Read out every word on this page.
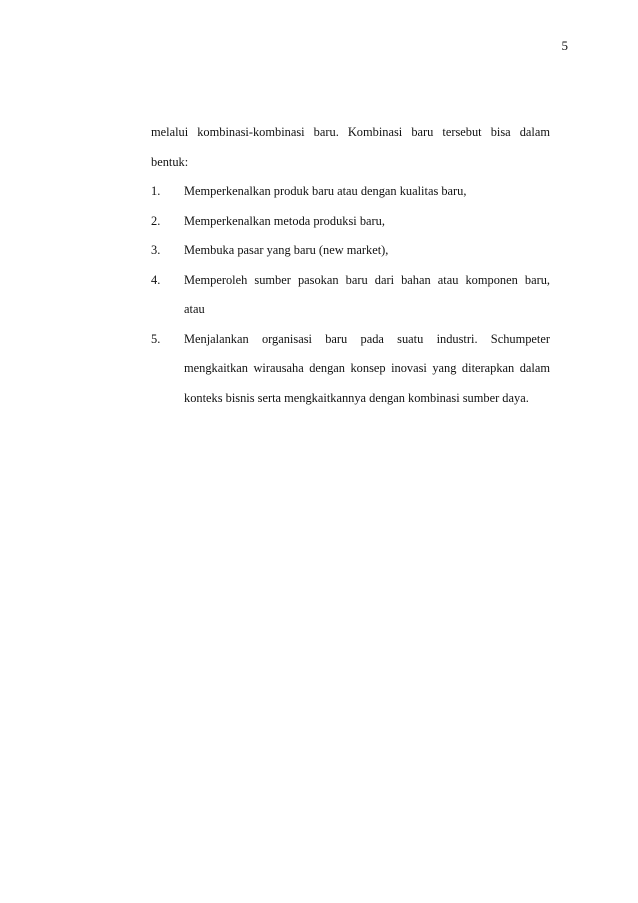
5
melalui kombinasi-kombinasi baru. Kombinasi baru tersebut bisa dalam
bentuk:
1.	Memperkenalkan produk baru atau dengan kualitas baru,
2.	Memperkenalkan metoda produksi baru,
3.	Membuka pasar yang baru (new market),
4.	Memperoleh sumber pasokan baru dari bahan atau komponen baru,
atau
5.	Menjalankan organisasi baru pada suatu industri. Schumpeter
mengkaitkan wirausaha dengan konsep inovasi yang diterapkan dalam
konteks bisnis serta mengkaitkannya dengan kombinasi sumber daya.
